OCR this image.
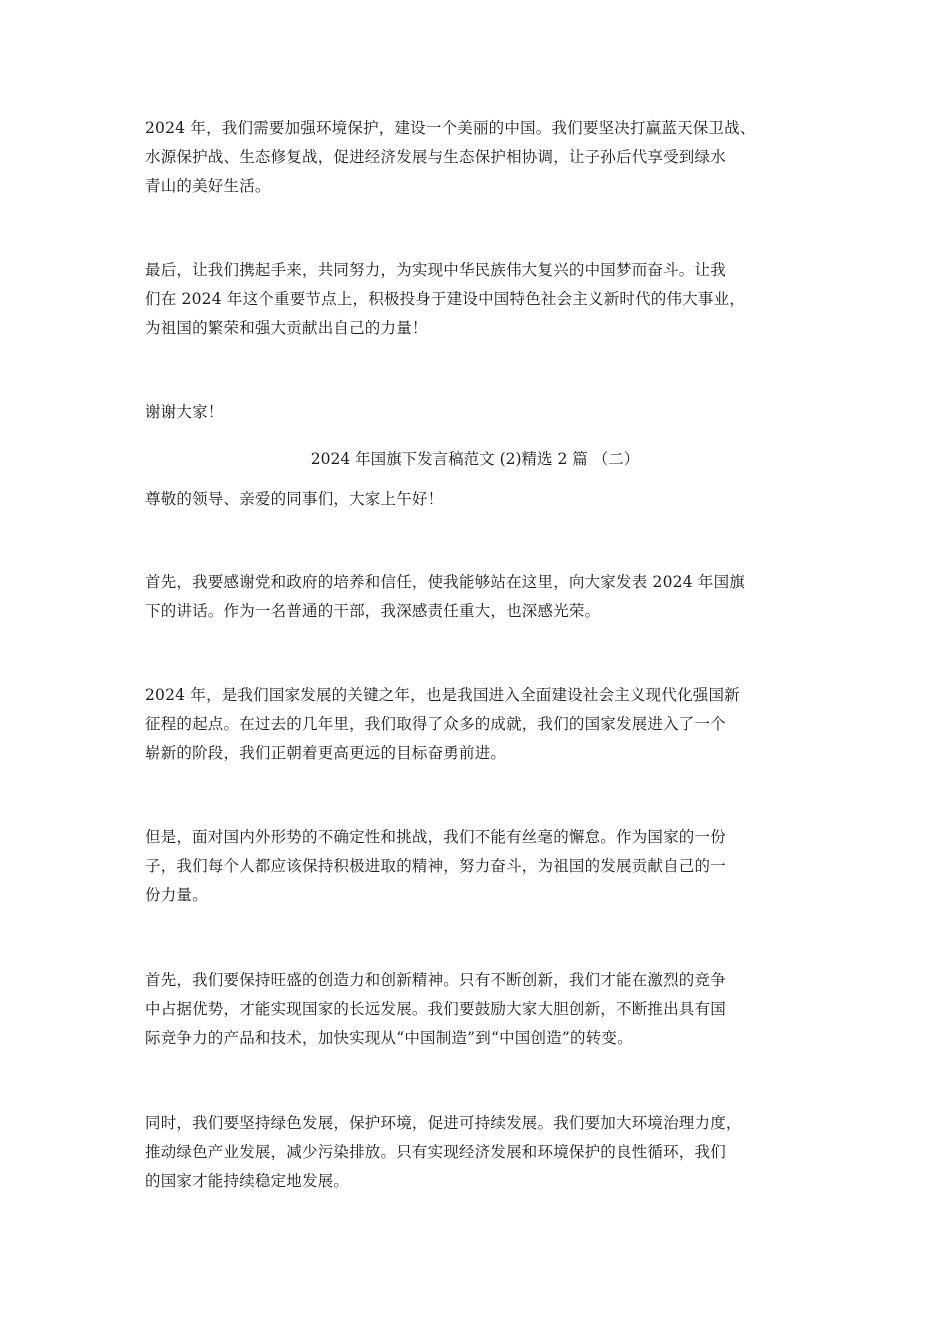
2024 年，我们需要加强环境保护，建设一个美丽的中国。我们要坚决打赢蓝天保卫战、
水源保护战、生态修复战，促进经济发展与生态保护相协调，让子孙后代享受到绿水
青山的美好生活。
最后，让我们携起手来，共同努力，为实现中华民族伟大复兴的中国梦而奋斗。让我
们在 2024 年这个重要节点上，积极投身于建设中国特色社会主义新时代的伟大事业，
为祖国的繁荣和强大贡献出自己的力量！
谢谢大家！
2024 年国旗下发言稿范文 (2)精选 2 篇 （二）
尊敬的领导、亲爱的同事们，大家上午好！
首先，我要感谢党和政府的培养和信任，使我能够站在这里，向大家发表 2024 年国旗
下的讲话。作为一名普通的干部，我深感责任重大，也深感光荣。
2024 年，是我们国家发展的关键之年，也是我国进入全面建设社会主义现代化强国新
征程的起点。在过去的几年里，我们取得了众多的成就，我们的国家发展进入了一个
崭新的阶段，我们正朝着更高更远的目标奋勇前进。
但是，面对国内外形势的不确定性和挑战，我们不能有丝毫的懈怠。作为国家的一份
子，我们每个人都应该保持积极进取的精神，努力奋斗，为祖国的发展贡献自己的一
份力量。
首先，我们要保持旺盛的创造力和创新精神。只有不断创新，我们才能在激烈的竞争
中占据优势，才能实现国家的长远发展。我们要鼓励大家大胆创新，不断推出具有国
际竞争力的产品和技术，加快实现从“中国制造”到“中国创造”的转变。
同时，我们要坚持绿色发展，保护环境，促进可持续发展。我们要加大环境治理力度，
推动绿色产业发展，减少污染排放。只有实现经济发展和环境保护的良性循环，我们
的国家才能持续稳定地发展。
